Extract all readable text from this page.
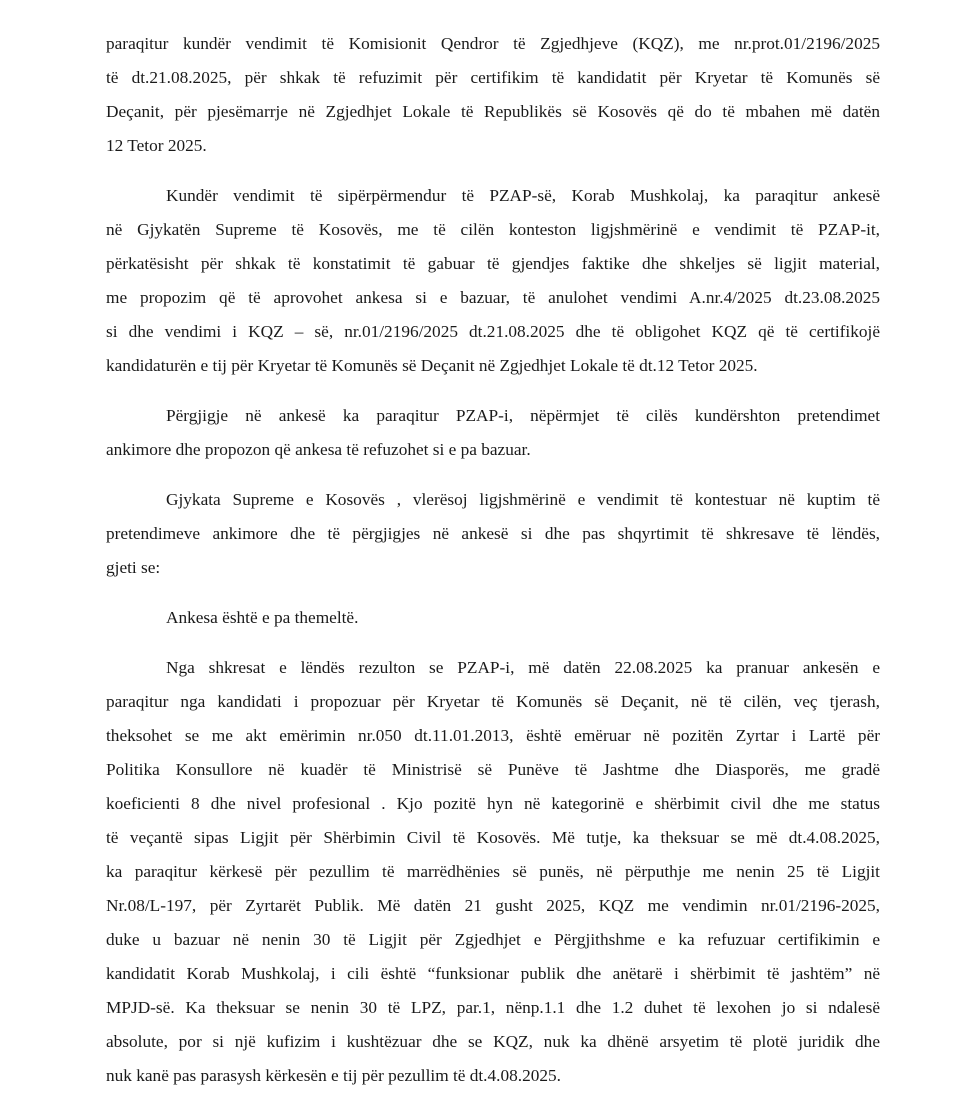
paraqitur kundër vendimit të Komisionit Qendror të Zgjedhjeve (KQZ), me nr.prot.01/2196/2025
të dt.21.08.2025, për shkak të refuzimit për certifikim të kandidatit për Kryetar të Komunës së
Deçanit, për pjesëmarrje në Zgjedhjet Lokale të Republikës së Kosovës që do të mbahen më datën
12 Tetor 2025.
Kundër vendimit të sipërpërmendur të PZAP-së, Korab Mushkolaj, ka paraqitur ankesë
në Gjykatën Supreme të Kosovës, me të cilën konteston ligjshmërinë e vendimit të PZAP-it,
përkatësisht për shkak të konstatimit të gabuar të gjendjes faktike dhe shkeljes së ligjit material,
me propozim që të aprovohet ankesa si e bazuar, të anulohet vendimi A.nr.4/2025 dt.23.08.2025
si dhe vendimi i KQZ – së, nr.01/2196/2025 dt.21.08.2025 dhe të obligohet KQZ që të certifikojë
kandidaturën e tij për Kryetar të Komunës së Deçanit në Zgjedhjet Lokale të dt.12 Tetor 2025.
Përgjigje në ankesë ka paraqitur PZAP-i, nëpërmjet të cilës kundërshton pretendimet
ankimore dhe propozon që ankesa të refuzohet si e pa bazuar.
Gjykata Supreme e Kosovës , vlerësoj ligjshmërinë e vendimit të kontestuar në kuptim të
pretendimeve ankimore dhe të përgjigjes në ankesë si dhe pas shqyrtimit të shkresave të lëndës,
gjeti se:
Ankesa është e pa themeltë.
Nga shkresat e lëndës rezulton se PZAP-i, më datën 22.08.2025 ka pranuar ankesën e
paraqitur nga kandidati i propozuar për Kryetar të Komunës së Deçanit, në të cilën, veç tjerash,
theksohet se me akt emërimin nr.050 dt.11.01.2013, është emëruar në pozitën Zyrtar i Lartë për
Politika Konsullore në kuadër të Ministrisë së Punëve të Jashtme dhe Diasporës, me gradë
koeficienti 8 dhe nivel profesional . Kjo pozitë hyn në kategorinë e shërbimit civil dhe me status
të veçantë sipas Ligjit për Shërbimin Civil të Kosovës. Më tutje, ka theksuar se më dt.4.08.2025,
ka paraqitur kërkesë për pezullim të marrëdhënies së punës, në përputhje me nenin 25 të Ligjit
Nr.08/L-197, për Zyrtarët Publik. Më datën 21 gusht 2025, KQZ me vendimin nr.01/2196-2025,
duke u bazuar në nenin 30 të Ligjit për Zgjedhjet e Përgjithshme e ka refuzuar certifikimin e
kandidatit Korab Mushkolaj, i cili është “funksionar publik dhe anëtarë i shërbimit të jashtëm” në
MPJD-së. Ka theksuar se nenin 30 të LPZ, par.1, nënp.1.1 dhe 1.2 duhet të lexohen jo si ndalesë
absolute, por si një kufizim i kushtëzuar dhe se KQZ, nuk ka dhënë arsyetim të plotë juridik dhe
nuk kanë pas parasysh kërkesën e tij për pezullim të dt.4.08.2025.
